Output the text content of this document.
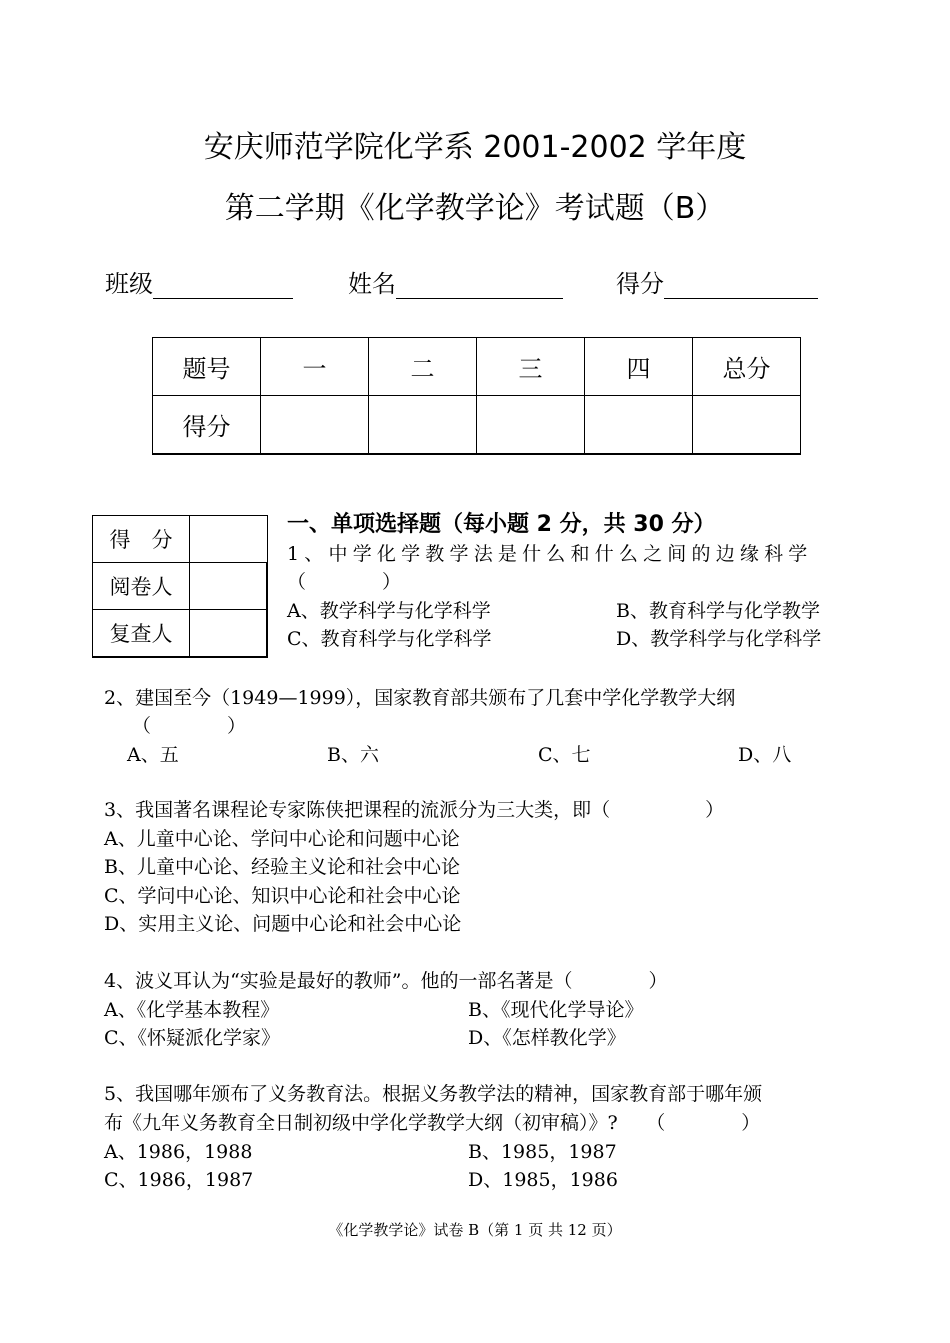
安庆师范学院化学系 2001-2002 学年度
第二学期《化学教学论》考试题（B）
班级	姓名	得分
题号	一	二	三	四	总分
得分					
得　分	
阅卷人	
复查人	
一、单项选择题（每小题 2 分，共 30 分）
1、中学化学教学法是什么和什么之间的边缘科学
（　　　　）
A、教学科学与化学科学	B、教育科学与化学教学
C、教育科学与化学科学	D、教学科学与化学科学
2、建国至今（1949—1999），国家教育部共颁布了几套中学化学教学大纲
（　　　　）
A、五	B、六	C、七	D、八
3、我国著名课程论专家陈侠把课程的流派分为三大类，即（　　　　　）
A、儿童中心论、学问中心论和问题中心论
B、儿童中心论、经验主义论和社会中心论
C、学问中心论、知识中心论和社会中心论
D、实用主义论、问题中心论和社会中心论
4、波义耳认为“实验是最好的教师”。他的一部名著是（　　　　）
A、《化学基本教程》	B、《现代化学导论》
C、《怀疑派化学家》	D、《怎样教化学》
5、我国哪年颁布了义务教育法。根据义务教学法的精神，国家教育部于哪年颁
布《九年义务教育全日制初级中学化学教学大纲（初审稿）》?　　（　　　　）
A、1986，1988	B、1985，1987
C、1986，1987	D、1985，1986
《化学教学论》试卷 B（第 1 页 共 12 页）
